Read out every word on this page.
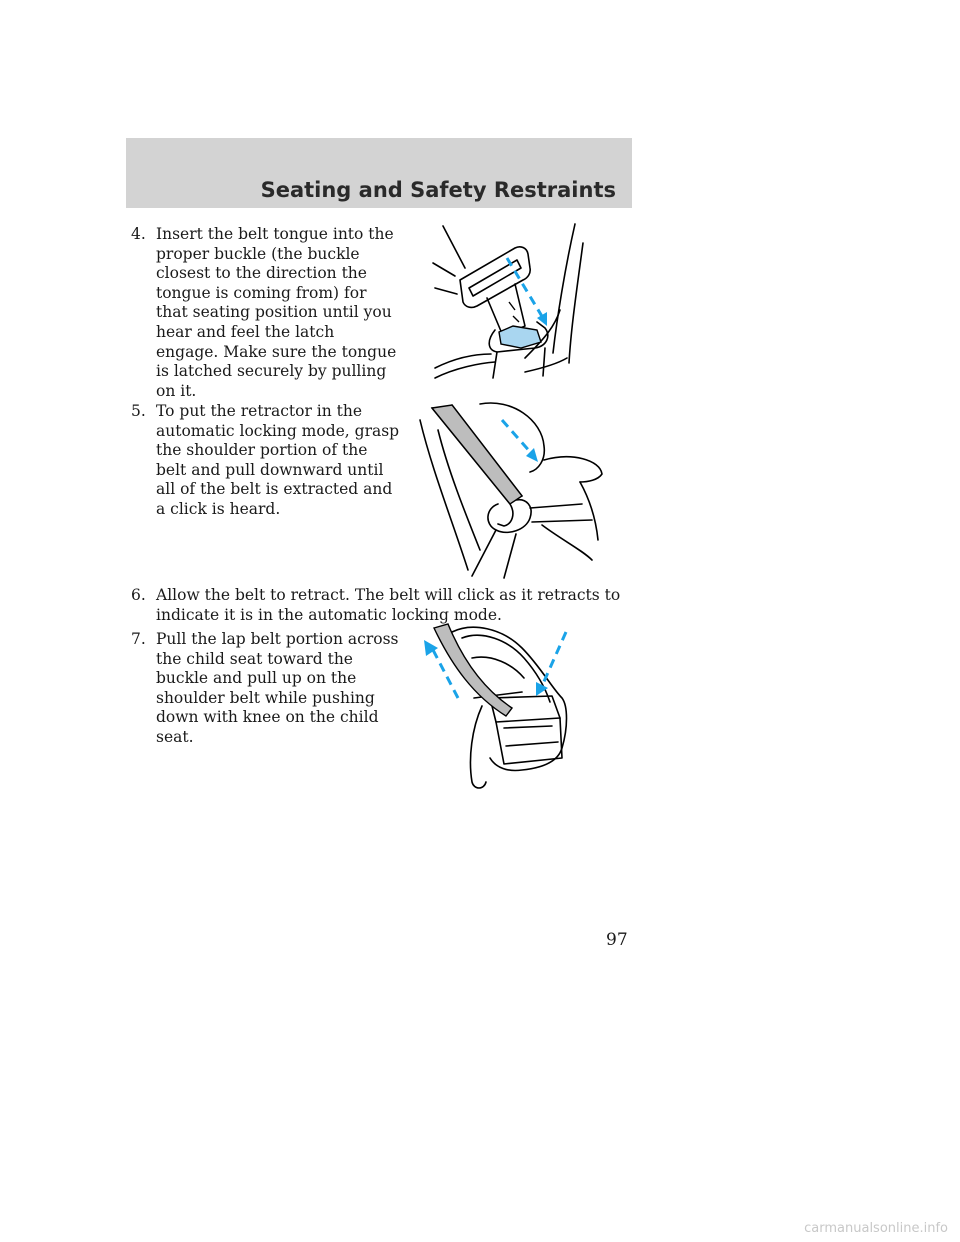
Seating and Safety Restraints

4. Insert the belt tongue into the proper buckle (the buckle closest to the direction the tongue is coming from) for that seating position until you hear and feel the latch engage. Make sure the tongue is latched securely by pulling on it.

5. To put the retractor in the automatic locking mode, grasp the shoulder portion of the belt and pull downward until all of the belt is extracted and a click is heard.

6. Allow the belt to retract. The belt will click as it retracts to indicate it is in the automatic locking mode.

7. Pull the lap belt portion across the child seat toward the buckle and pull up on the shoulder belt while pushing down with knee on the child seat.

97

carmanualsonline.info
